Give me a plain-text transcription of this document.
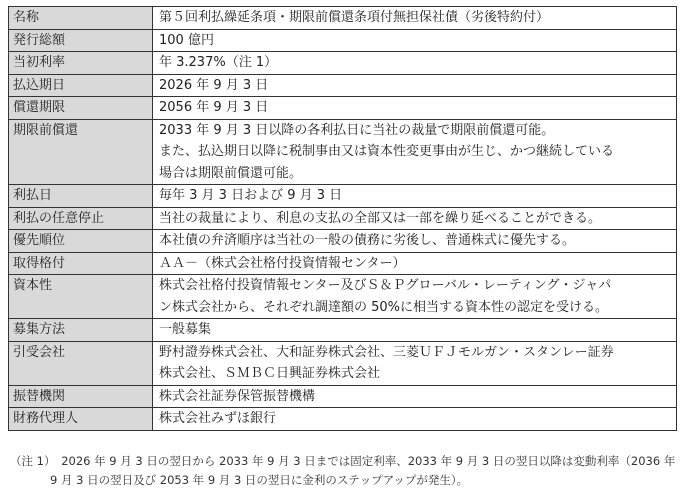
名称	第５回利払繰延条項・期限前償還条項付無担保社債（劣後特約付）

発行総額	100 億円

当初利率	年 3.237%（注 1）

払込期日	2026 年 9 月 3 日

償還期限	2056 年 9 月 3 日

期限前償還	2033 年 9 月 3 日以降の各利払日に当社の裁量で期限前償還可能。
また、払込期日以降に税制事由又は資本性変更事由が生じ、かつ継続している
場合は期限前償還可能。

利払日	毎年 3 月 3 日および 9 月 3 日

利払の任意停止	当社の裁量により、利息の支払の全部又は一部を繰り延べることができる。

優先順位	本社債の弁済順序は当社の一般の債務に劣後し、普通株式に優先する。

取得格付	ＡＡ－（株式会社格付投資情報センター）

資本性	株式会社格付投資情報センター及びＳ＆Ｐグローバル・レーティング・ジャパ
ン株式会社から、それぞれ調達額の 50%に相当する資本性の認定を受ける。

募集方法	一般募集

引受会社	野村證券株式会社、大和証券株式会社、三菱ＵＦＪモルガン・スタンレー証券
株式会社、ＳＭＢＣ日興証券株式会社

振替機関	株式会社証券保管振替機構

財務代理人	株式会社みずほ銀行
（注 1）　2026 年 9 月 3 日の翌日から 2033 年 9 月 3 日までは固定利率、2033 年 9 月 3 日の翌日以降は変動利率（2036 年
9 月 3 日の翌日及び 2053 年 9 月 3 日の翌日に金利のステップアップが発生）。
